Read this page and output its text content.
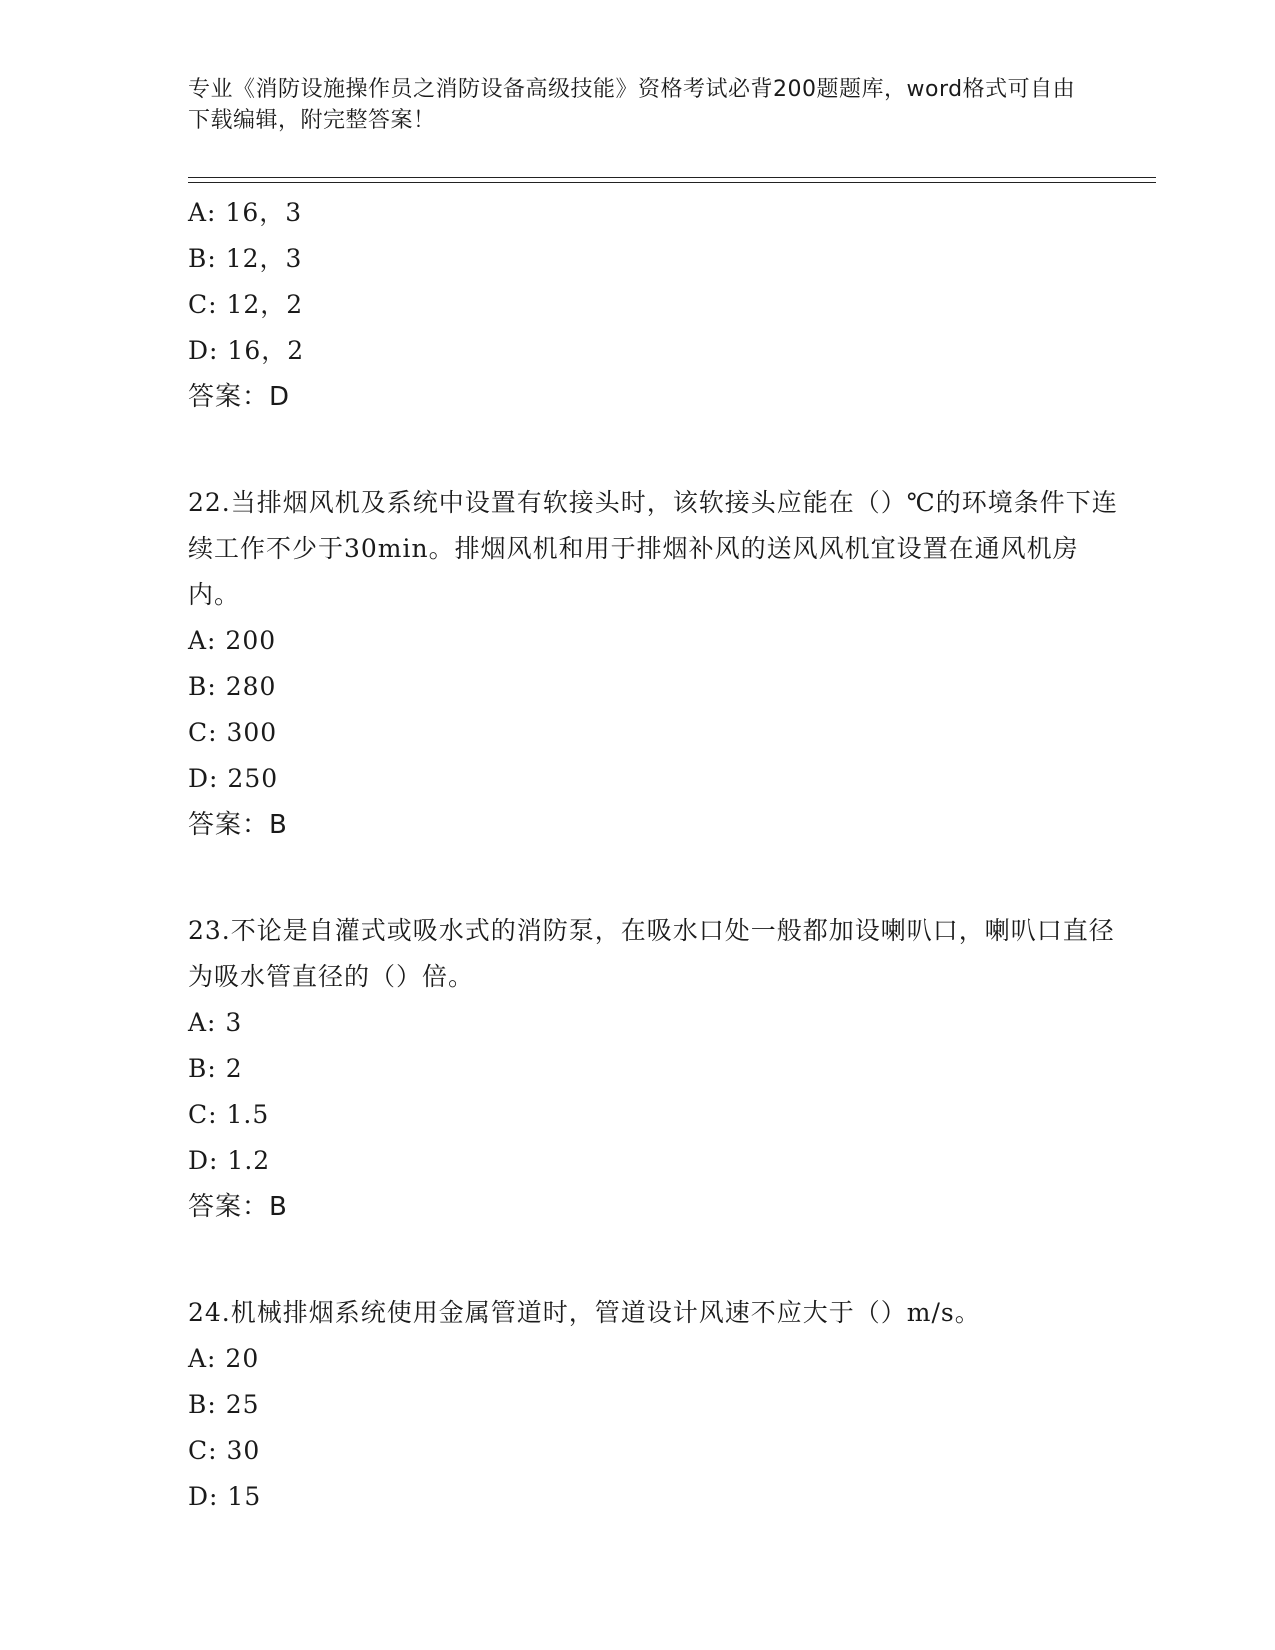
专业《消防设施操作员之消防设备高级技能》资格考试必背200题题库，word格式可自由下载编辑，附完整答案！
A: 16，3
B: 12，3
C: 12，2
D: 16，2
答案：D
22.当排烟风机及系统中设置有软接头时，该软接头应能在（）℃的环境条件下连续工作不少于30min。排烟风机和用于排烟补风的送风风机宜设置在通风机房内。
A: 200
B: 280
C: 300
D: 250
答案：B
23.不论是自灌式或吸水式的消防泵，在吸水口处一般都加设喇叭口，喇叭口直径为吸水管直径的（）倍。
A: 3
B: 2
C: 1.5
D: 1.2
答案：B
24.机械排烟系统使用金属管道时，管道设计风速不应大于（）m/s。
A: 20
B: 25
C: 30
D: 15
